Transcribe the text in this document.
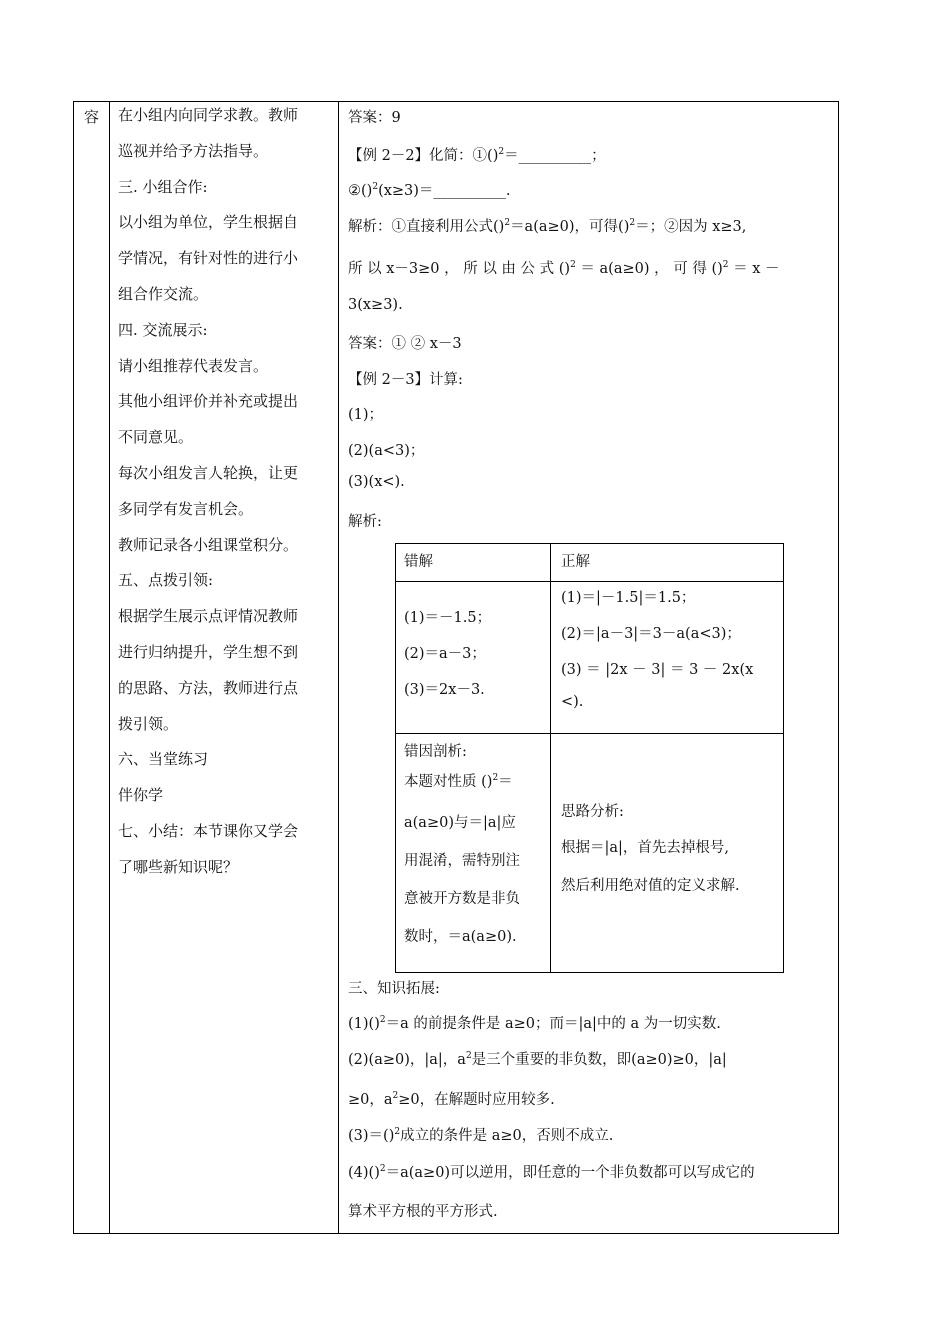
容	在小组内向同学求教。教师
巡视并给予方法指导。
三. 小组合作:
以小组为单位，学生根据自
学情况，有针对性的进行小
组合作交流。
四. 交流展示:
请小组推荐代表发言。
其他小组评价并补充或提出
不同意见。
每次小组发言人轮换，让更
多同学有发言机会。
教师记录各小组课堂积分。
五、点拨引领:
根据学生展示点评情况教师
进行归纳提升，学生想不到
的思路、方法，教师进行点
拨引领。
六、当堂练习
伴你学
七、小结：本节课你又学会
了哪些新知识呢？
答案：9
【例 2－2】化简：①()$^2$＝__________；
②()$^2$(x≥3)＝__________.
解析：①直接利用公式()$^2$＝a(a≥0)，可得()$^2$＝；②因为 x≥3,
所 以 x－3≥0 ， 所 以 由 公 式 ()$^2$ ＝ a(a≥0) ， 可 得 ()$^2$ ＝ x －
3(x≥3).
答案：① ② x－3
【例 2－3】计算:
(1)；
(2)(a<3)；
(3)(x<).
解析:
三、知识拓展:
(1)()$^2$＝a 的前提条件是 a≥0；而＝|a|中的 a 为一切实数.
(2)(a≥0)，|a|，$a^2$是三个重要的非负数，即(a≥0)≥0，|a|
≥0，$a^2\ge 0$，在解题时应用较多.
(3)＝()$^2$成立的条件是 a≥0，否则不成立.
(4)()$^2$＝a(a≥0)可以逆用，即任意的一个非负数都可以写成它的
算术平方根的平方形式.
错解	正解
(1)＝－1.5；
(2)＝a－3；
(3)＝2x－3.
(1)＝|－1.5|＝1.5；
(2)＝|a－3|＝3－a(a<3)；
(3) ＝ |2x － 3| ＝ 3 － 2x(x
<).
错因剖析:
本题对性质 ()$^2$＝
a(a≥0)与＝|a|应
用混淆，需特别注
意被开方数是非负
数时，＝a(a≥0).
思路分析:
根据＝|a|，首先去掉根号,
然后利用绝对值的定义求解.
